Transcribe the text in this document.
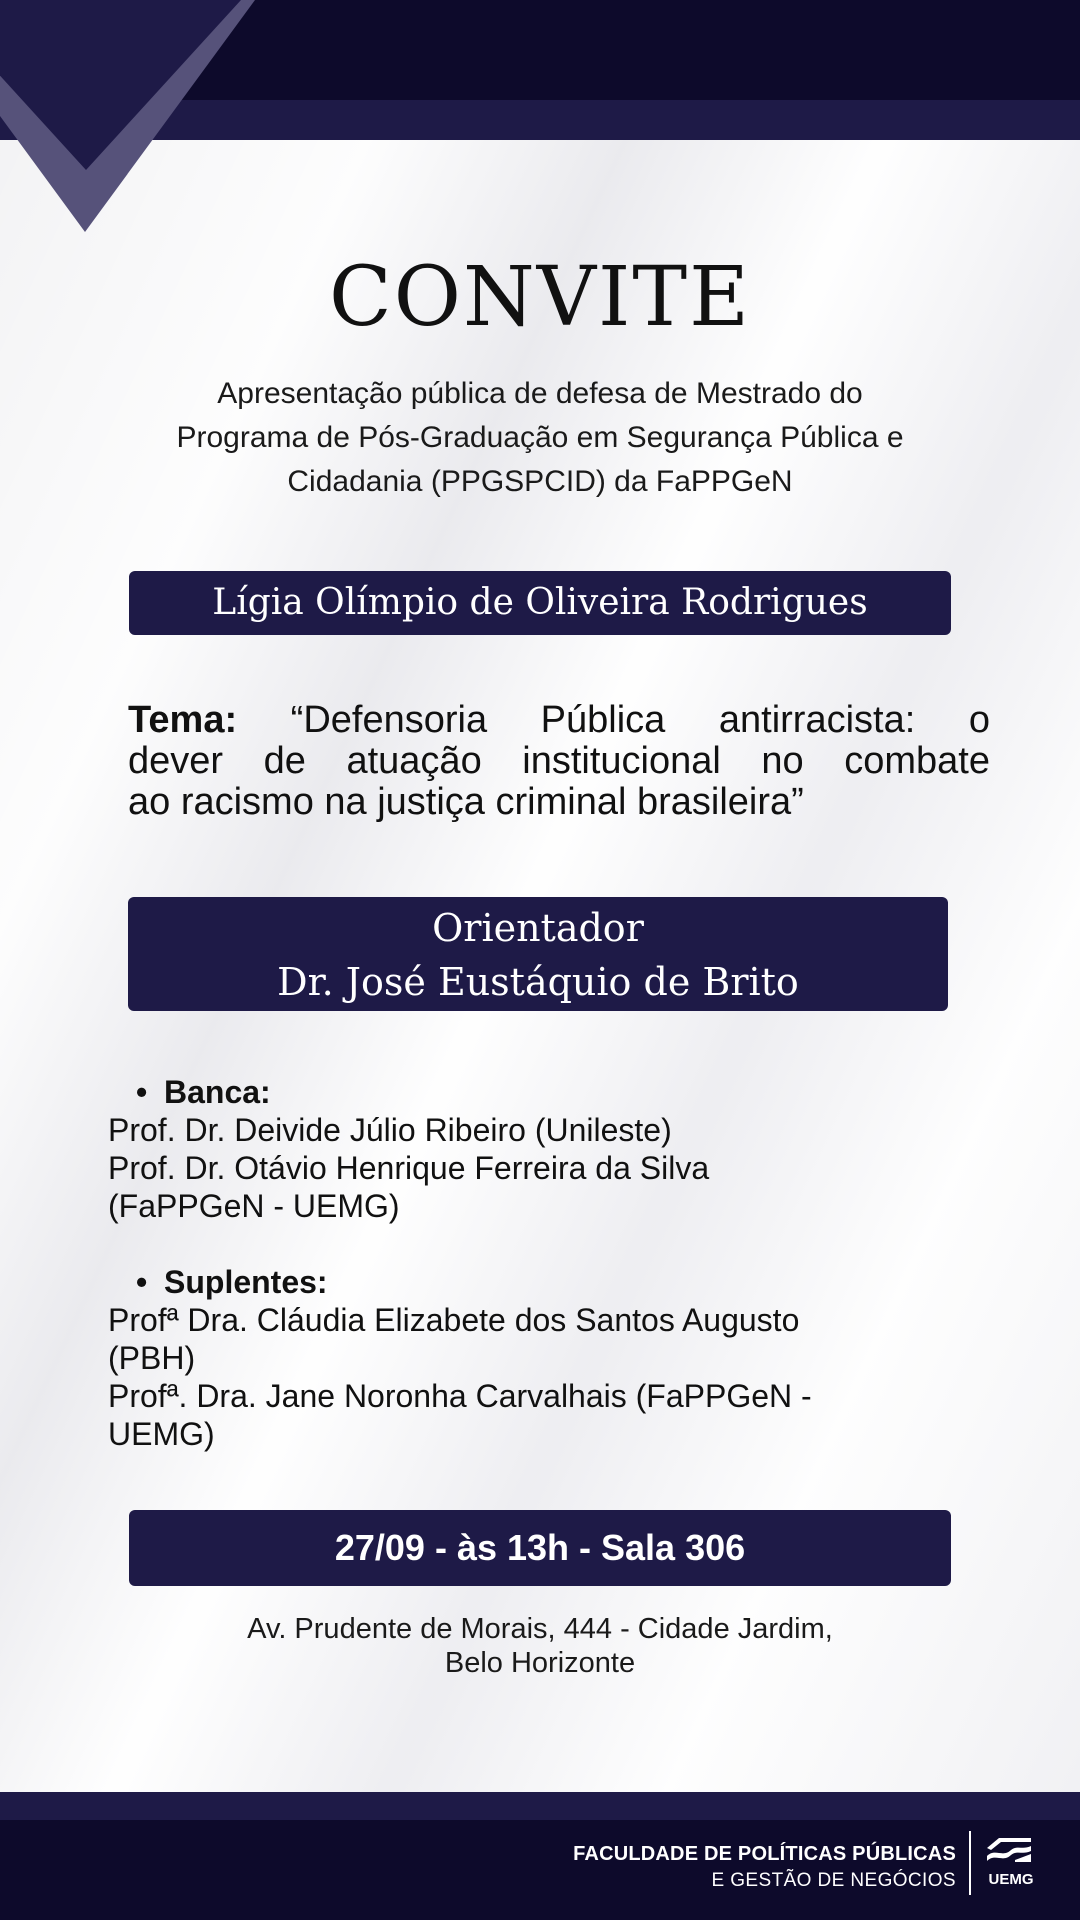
CONVITE
Apresentação pública de defesa de Mestrado do
Programa de Pós-Graduação em Segurança Pública e
Cidadania (PPGSPCID) da FaPPGeN
Lígia Olímpio de Oliveira Rodrigues
Tema: “Defensoria Pública antirracista: o
dever de atuação institucional no combate
ao racismo na justiça criminal brasileira”
Orientador
Dr. José Eustáquio de Brito
• Banca:
Prof. Dr. Deivide Júlio Ribeiro (Unileste)
Prof. Dr. Otávio Henrique Ferreira da Silva
(FaPPGeN - UEMG)
• Suplentes:
Profª Dra. Cláudia Elizabete dos Santos Augusto
(PBH)
Profª. Dra. Jane Noronha Carvalhais (FaPPGeN -
UEMG)
27/09 - às 13h - Sala 306
Av. Prudente de Morais, 444 - Cidade Jardim,
Belo Horizonte
FACULDADE DE POLÍTICAS PÚBLICAS
E GESTÃO DE NEGÓCIOS UEMG
